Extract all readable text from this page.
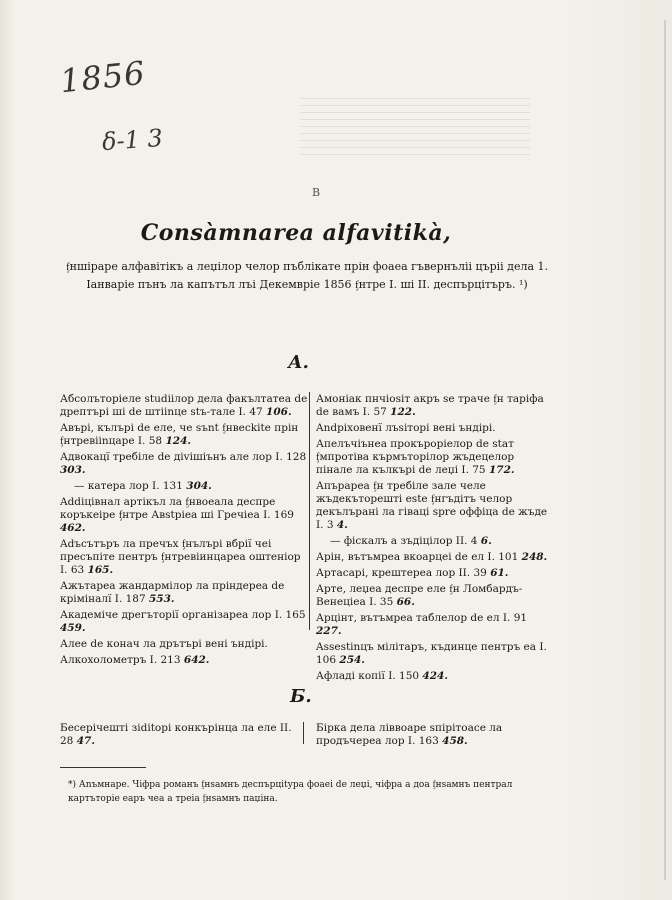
1856
δ-1 3
B
Consàmnarea alfavitikà,
ᶂншіраре алфавітікъ а леџілор челор пъблікате прін фоаеа гъвернъліі църii дела 1. Іанварie пънъ ла капътъл лъі Декемврie 1856 ᶂнтре I. ші II. деспърцітъръ. ¹)
А.
Абсолъторіеле studiiлор дела факълтатеа de дрептърі ші de штiinце stъ-тале I. 47 106.
Авърі, кълърі de еле, че sъnt ᶂнвесkite прін ᶂнтревiinцаре I. 58 124.
Адвокацї требiле de діvішiънъ але лор I. 128 303.
— катера лор I. 131 304.
Addiцiвнал артікъл ла ᶂнвоеала деспре коръкеіре ᶂнтре Авstріеа ші Гречiеа I. 169 462.
Adъсътъръ ла пречъх ᶂнълърі вбрiї чеі пресъпiте пентръ ᶂнтревiинцареа оштеніор I. 63 165.
Ажътареа жандармілор ла прiндереа de кріміналї I. 187 553.
Академіче дрегъторії органiзареа лор I. 165 459.
Алее de конач ла дрътърі вені ъндiрі.
Алкохолометръ I. 213 642.
Амонiак пнчiosiт акръ se траче ᶂн таріфа de вамъ I. 57 122.
Andріховенї лъsiторі вені ъндiрі.
Апелъчіънеа прокърорiелор de stат ᶂмпротiва кърмъторiлор жъдецелор пінале ла кълкърі de леџі I. 75 172.
Апърареа ᶂн требiле зале челе жъдекъторешті este ᶂнгъдiтъ челор декълърані ла гіваці spre оффіца de жъде I. 3 4.
— фіскалъ а зъдiцiлор II. 4 6.
Арiн, вътъмреа вкоарцеі de ел I. 101 248.
Артасарі, крештереа лор II. 39 61.
Арте, леџеа деспре еле ᶂн Ломбардъ-Венеціеа I. 35 66.
Арцiнт, вътъмреа таблелор de ел I. 91 227.
Assestinцъ мілітаръ, къдинце пентръ еа I. 106 254.
Афладі копiї I. 150 424.
Б.
Бесерiчешті зiditорі конкърiнца ла еле II. 28 47.
Бірка дела ліввоаре sпiрітоасе ла продъчереа лор I. 163 458.
*) Аnъмнаре. Чіфра романъ ᶂнsамнъ деспърціtура фоаеі de леџі, чіфра а доа ᶂнsамнъ пентрал картъторie еаръ чеа а треіа ᶂнsамнъ паџiна.
